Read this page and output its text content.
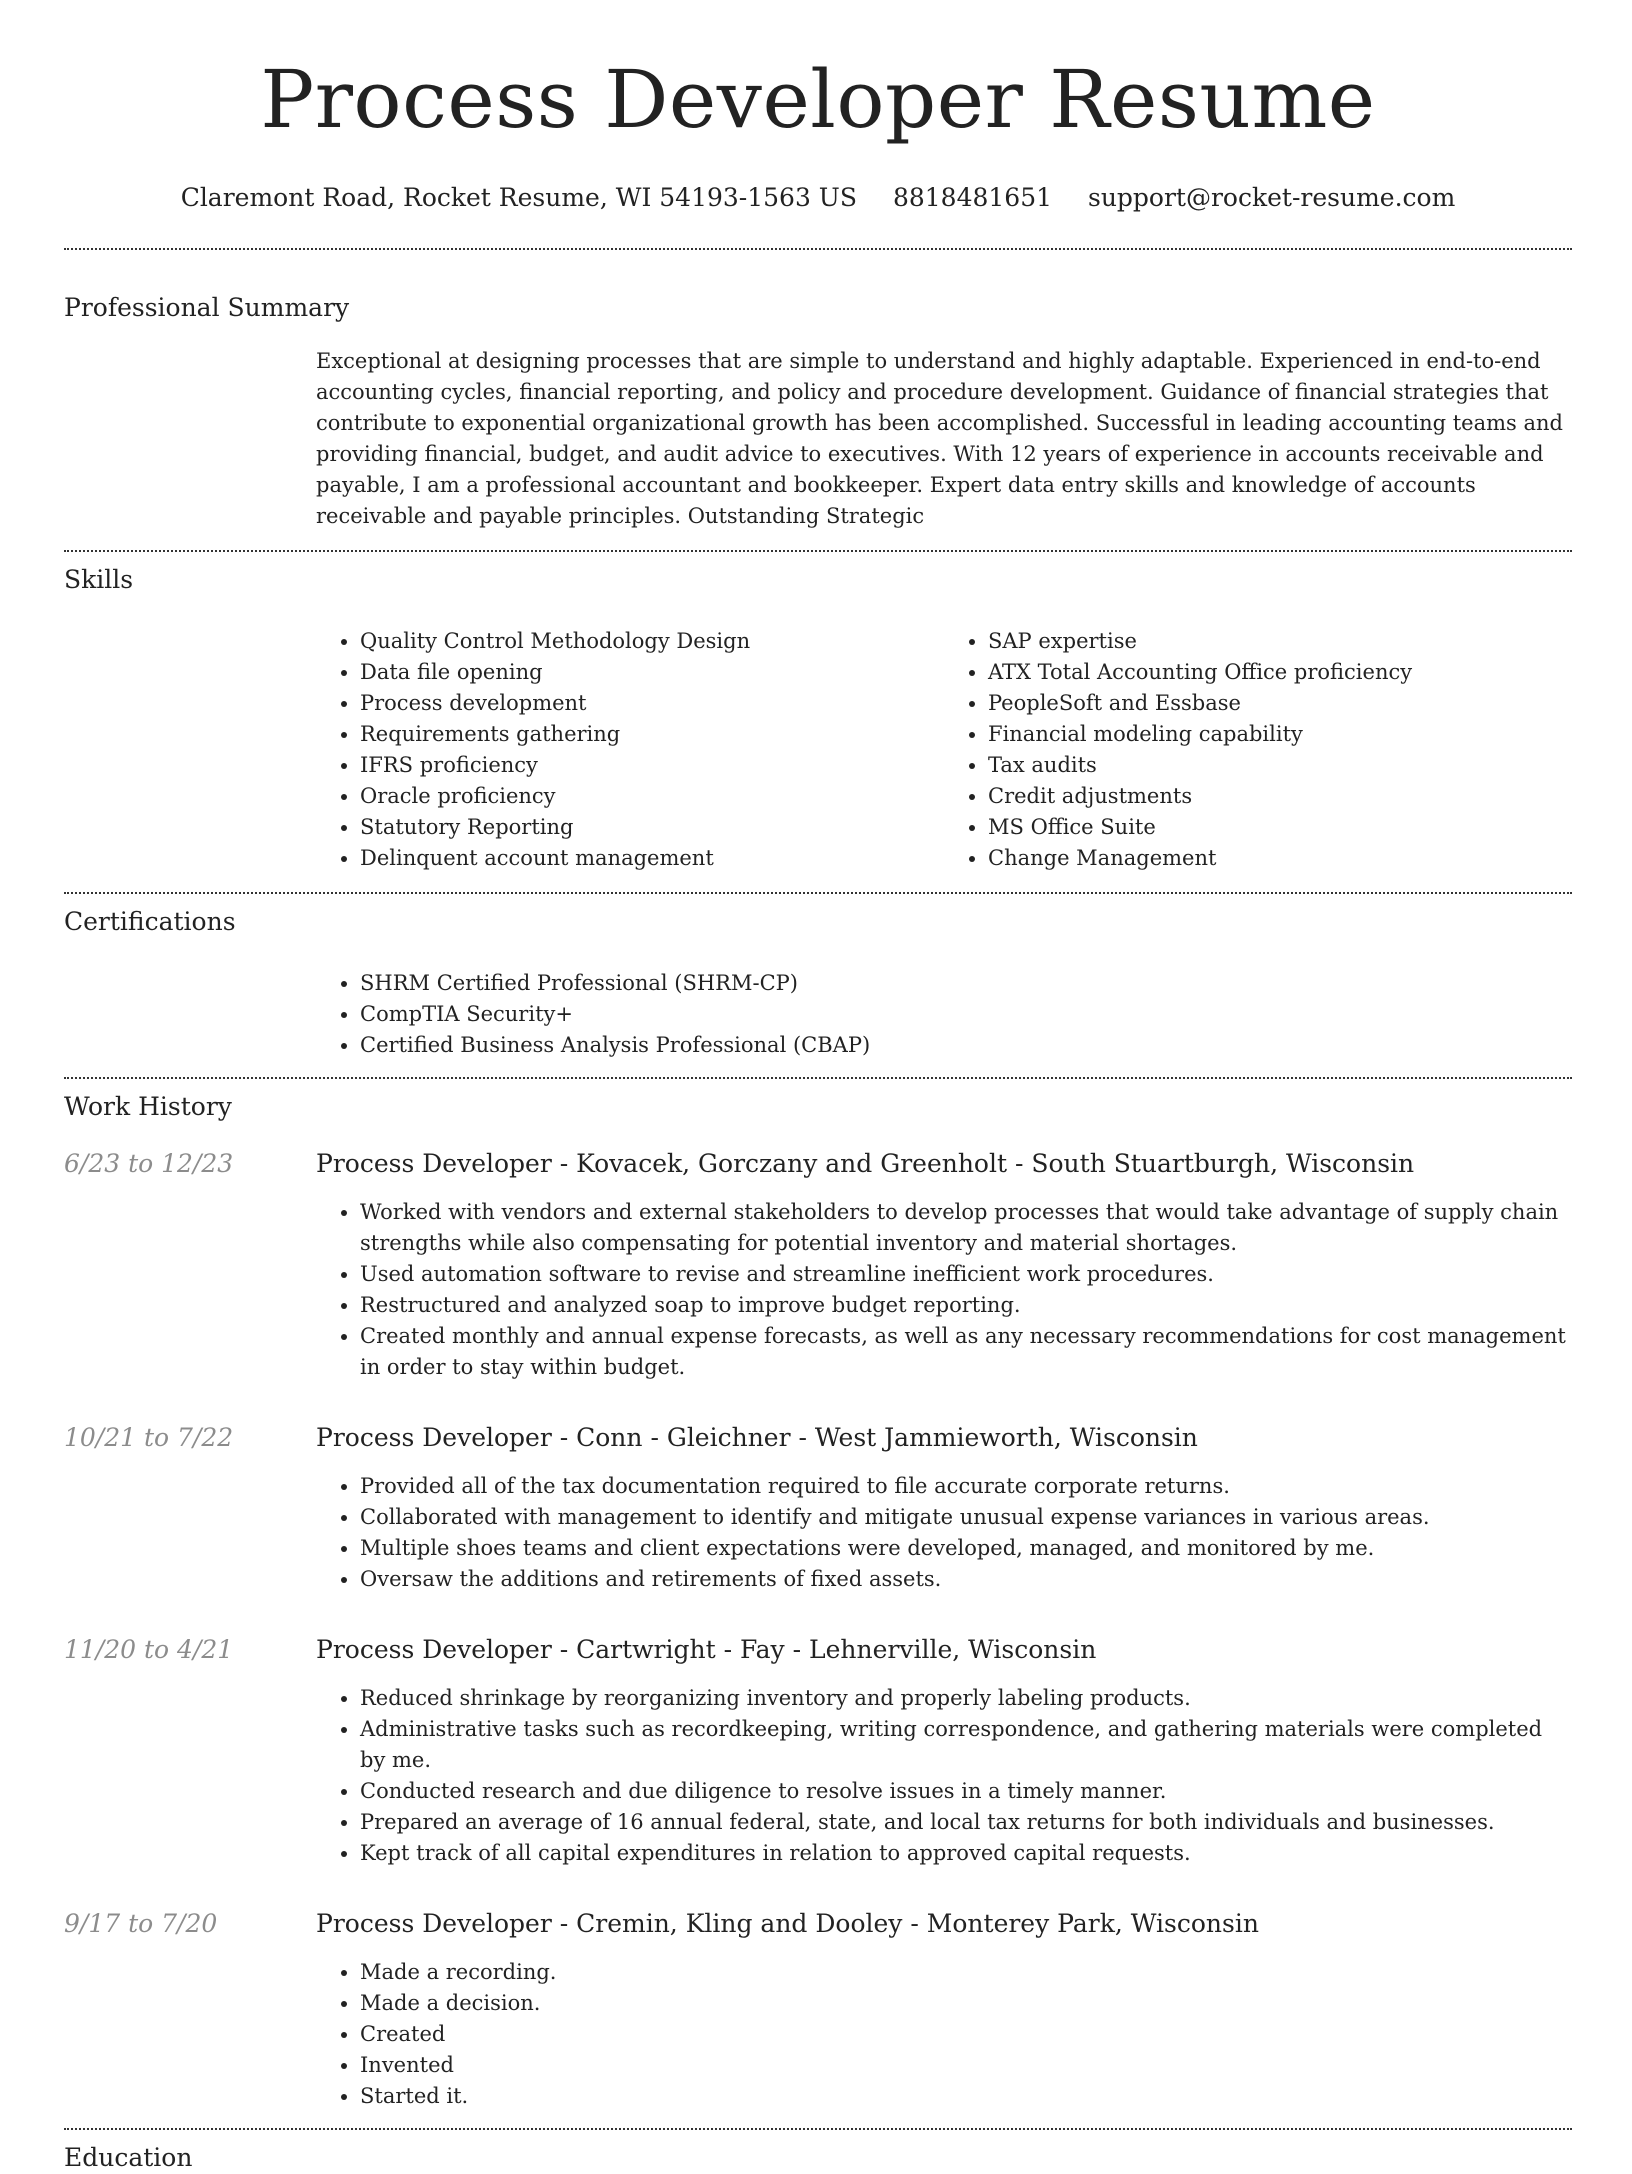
Process Developer Resume
Claremont Road, Rocket Resume, WI 54193-1563 US 8818481651 support@rocket-resume.com
Professional Summary
Exceptional at designing processes that are simple to understand and highly adaptable. Experienced in end-to-end accounting cycles, financial reporting, and policy and procedure development. Guidance of financial strategies that contribute to exponential organizational growth has been accomplished. Successful in leading accounting teams and providing financial, budget, and audit advice to executives. With 12 years of experience in accounts receivable and payable, I am a professional accountant and bookkeeper. Expert data entry skills and knowledge of accounts receivable and payable principles. Outstanding Strategic
Skills
• Quality Control Methodology Design
• Data file opening
• Process development
• Requirements gathering
• IFRS proficiency
• Oracle proficiency
• Statutory Reporting
• Delinquent account management
• SAP expertise
• ATX Total Accounting Office proficiency
• PeopleSoft and Essbase
• Financial modeling capability
• Tax audits
• Credit adjustments
• MS Office Suite
• Change Management
Certifications
• SHRM Certified Professional (SHRM-CP)
• CompTIA Security+
• Certified Business Analysis Professional (CBAP)
Work History
6/23 to 12/23	Process Developer - Kovacek, Gorczany and Greenholt - South Stuartburgh, Wisconsin
• Worked with vendors and external stakeholders to develop processes that would take advantage of supply chain strengths while also compensating for potential inventory and material shortages.
• Used automation software to revise and streamline inefficient work procedures.
• Restructured and analyzed soap to improve budget reporting.
• Created monthly and annual expense forecasts, as well as any necessary recommendations for cost management in order to stay within budget.
10/21 to 7/22	Process Developer - Conn - Gleichner - West Jammieworth, Wisconsin
• Provided all of the tax documentation required to file accurate corporate returns.
• Collaborated with management to identify and mitigate unusual expense variances in various areas.
• Multiple shoes teams and client expectations were developed, managed, and monitored by me.
• Oversaw the additions and retirements of fixed assets.
11/20 to 4/21	Process Developer - Cartwright - Fay - Lehnerville, Wisconsin
• Reduced shrinkage by reorganizing inventory and properly labeling products.
• Administrative tasks such as recordkeeping, writing correspondence, and gathering materials were completed by me.
• Conducted research and due diligence to resolve issues in a timely manner.
• Prepared an average of 16 annual federal, state, and local tax returns for both individuals and businesses.
• Kept track of all capital expenditures in relation to approved capital requests.
9/17 to 7/20	Process Developer - Cremin, Kling and Dooley - Monterey Park, Wisconsin
• Made a recording.
• Made a decision.
• Created
• Invented
• Started it.
Education
